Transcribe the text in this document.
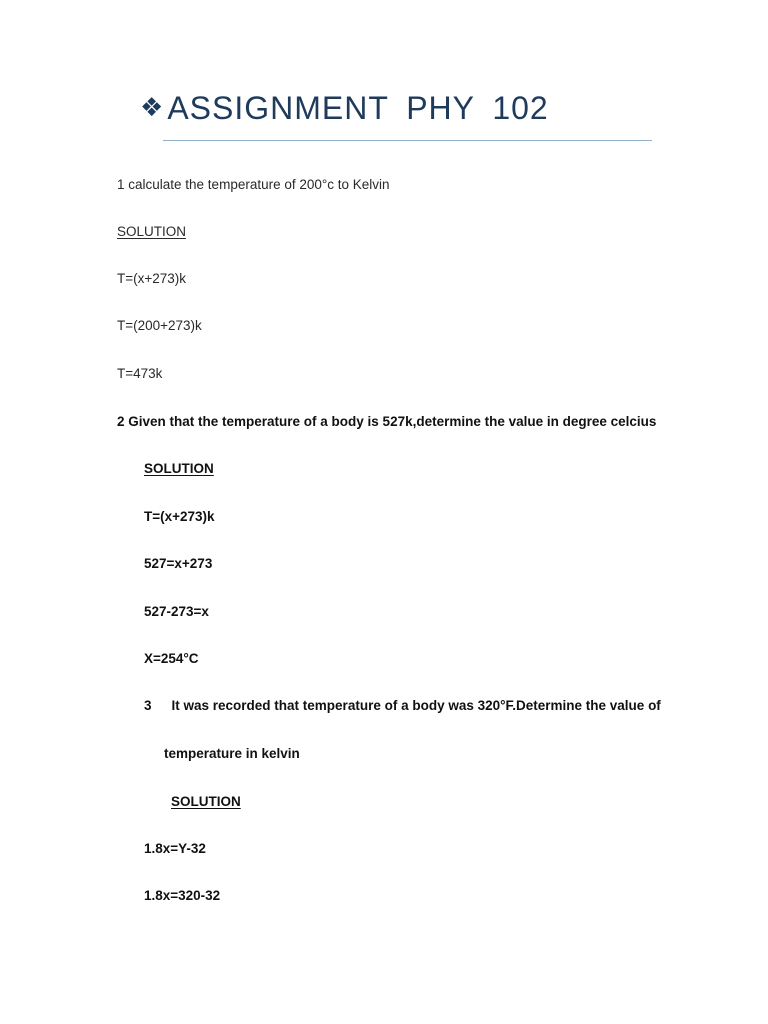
❖ ASSIGNMENT PHY 102
1 calculate the temperature of 200°c to Kelvin
SOLUTION
T=(x+273)k
T=(200+273)k
T=473k
2 Given that the temperature of a body is 527k,determine the value in degree celcius
SOLUTION
T=(x+273)k
527=x+273
527-273=x
X=254°C
3 It was recorded that temperature of a body was 320°F.Determine the value of
temperature in kelvin
SOLUTION
1.8x=Y-32
1.8x=320-32
